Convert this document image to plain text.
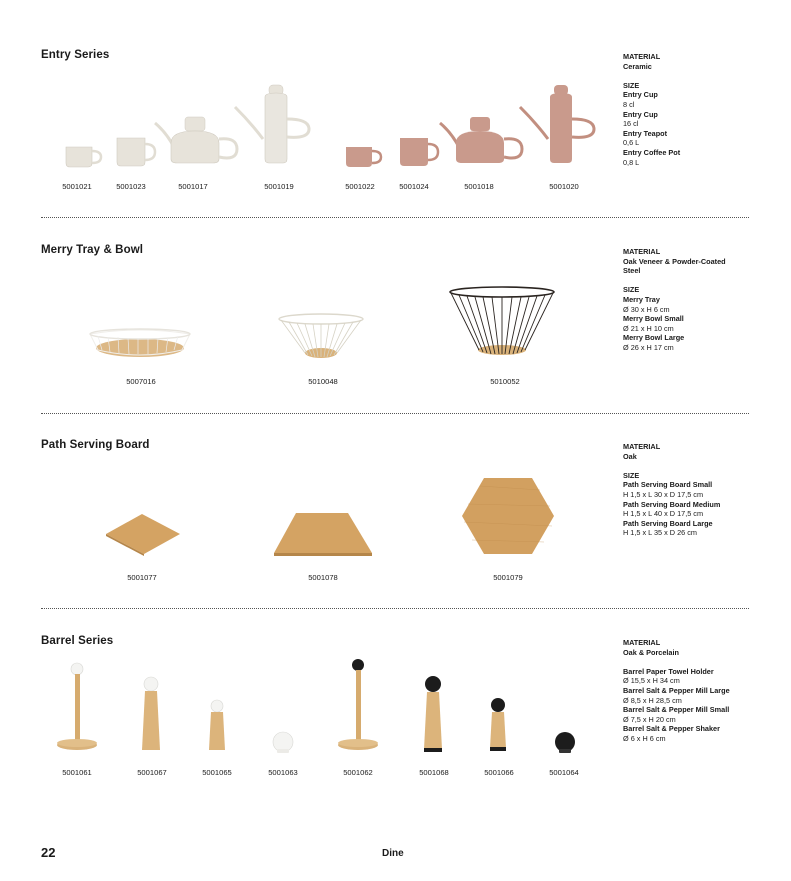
Entry Series	MATERIAL
Ceramic
SIZE
Entry Cup
8 cl
Entry Cup
16 cl
Entry Teapot
0,6 L
Entry Coffee Pot
0,8 L
5001021	5001023	5001017	5001019	5001022	5001024	5001018	5001020
Merry Tray & Bowl	MATERIAL
Oak Veneer & Powder-Coated
Steel
SIZE
Merry Tray
Ø 30 x H 6 cm
Merry Bowl Small
Ø 21 x H 10 cm
Merry Bowl Large
Ø 26 x H 17 cm
5007016	5010048	5010052
Path Serving Board	MATERIAL
Oak
SIZE
Path Serving Board Small
H 1,5 x L 30 x D 17,5 cm
Path Serving Board Medium
H 1,5 x L 40 x D 17,5 cm
Path Serving Board Large
H 1,5 x L 35 x D 26 cm
5001077	5001078	5001079
Barrel Series	MATERIAL
Oak & Porcelain
Barrel Paper Towel Holder
Ø 15,5 x H 34 cm
Barrel Salt & Pepper Mill Large
Ø 8,5 x H 28,5 cm
Barrel Salt & Pepper Mill Small
Ø 7,5 x H 20 cm
Barrel Salt & Pepper Shaker
Ø 6 x H 6 cm
5001061	5001067	5001065	5001063	5001062	5001068	5001066	5001064
22	Dine
